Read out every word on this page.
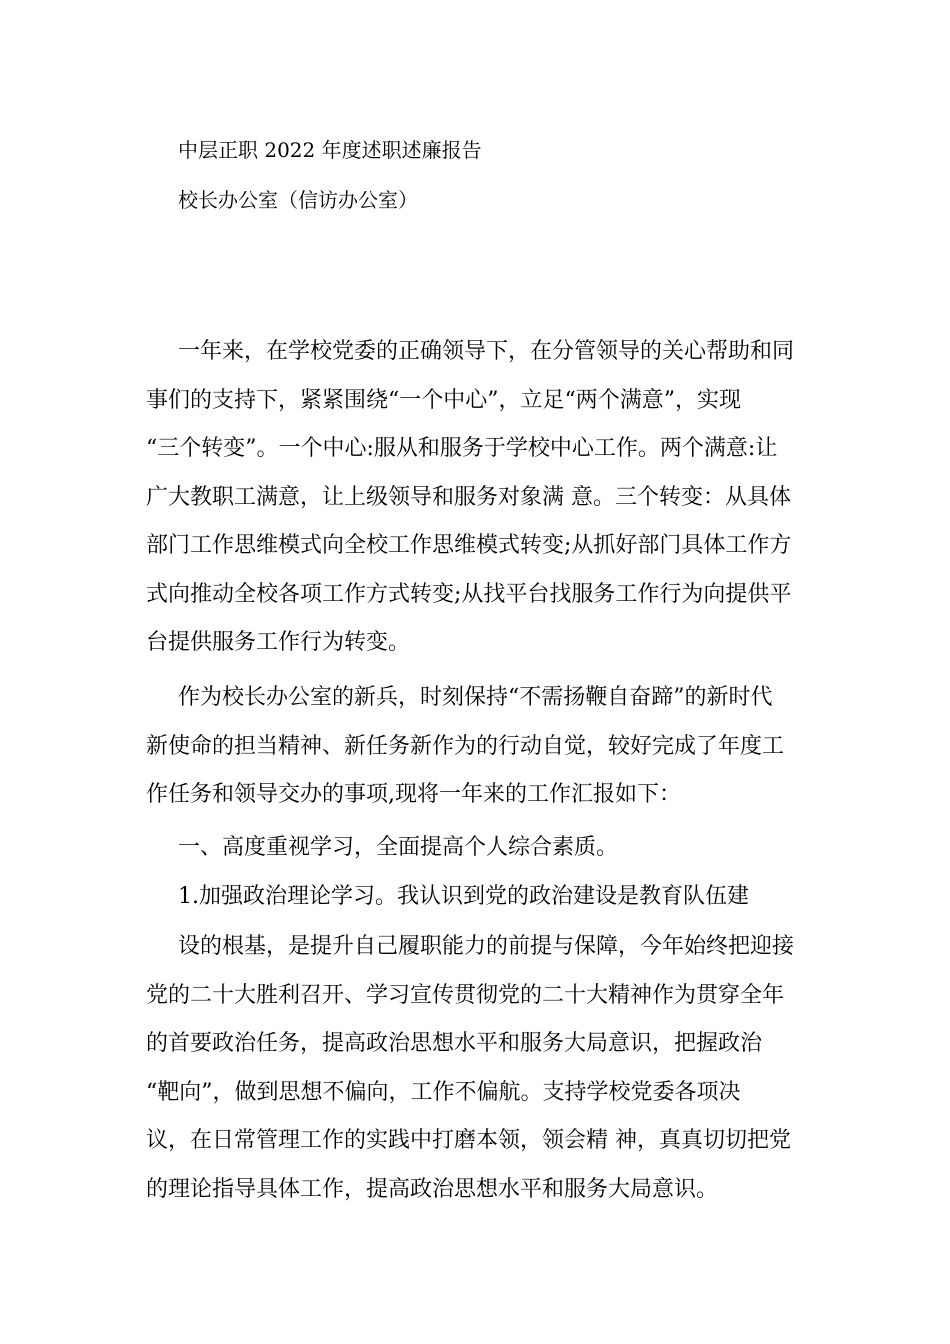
中层正职 2022 年度述职述廉报告
校长办公室（信访办公室）
一年来，在学校党委的正确领导下，在分管领导的关心帮助和同
事们的支持下，紧紧围绕“一个中心”，立足“两个满意”，实现
“三个转变”。一个中心:服从和服务于学校中心工作。两个满意:让
广大教职工满意，让上级领导和服务对象满 意。三个转变：从具体
部门工作思维模式向全校工作思维模式转变;从抓好部门具体工作方
式向推动全校各项工作方式转变;从找平台找服务工作行为向提供平
台提供服务工作行为转变。
作为校长办公室的新兵，时刻保持“不需扬鞭自奋蹄”的新时代
新使命的担当精神、新任务新作为的行动自觉，较好完成了年度工
作任务和领导交办的事项,现将一年来的工作汇报如下：
一、高度重视学习，全面提高个人综合素质。
1.加强政治理论学习。我认识到党的政治建设是教育队伍建
设的根基，是提升自己履职能力的前提与保障，今年始终把迎接
党的二十大胜利召开、学习宣传贯彻党的二十大精神作为贯穿全年
的首要政治任务，提高政治思想水平和服务大局意识，把握政治
“靶向”，做到思想不偏向，工作不偏航。支持学校党委各项决
议，在日常管理工作的实践中打磨本领，领会精 神，真真切切把党
的理论指导具体工作，提高政治思想水平和服务大局意识。
